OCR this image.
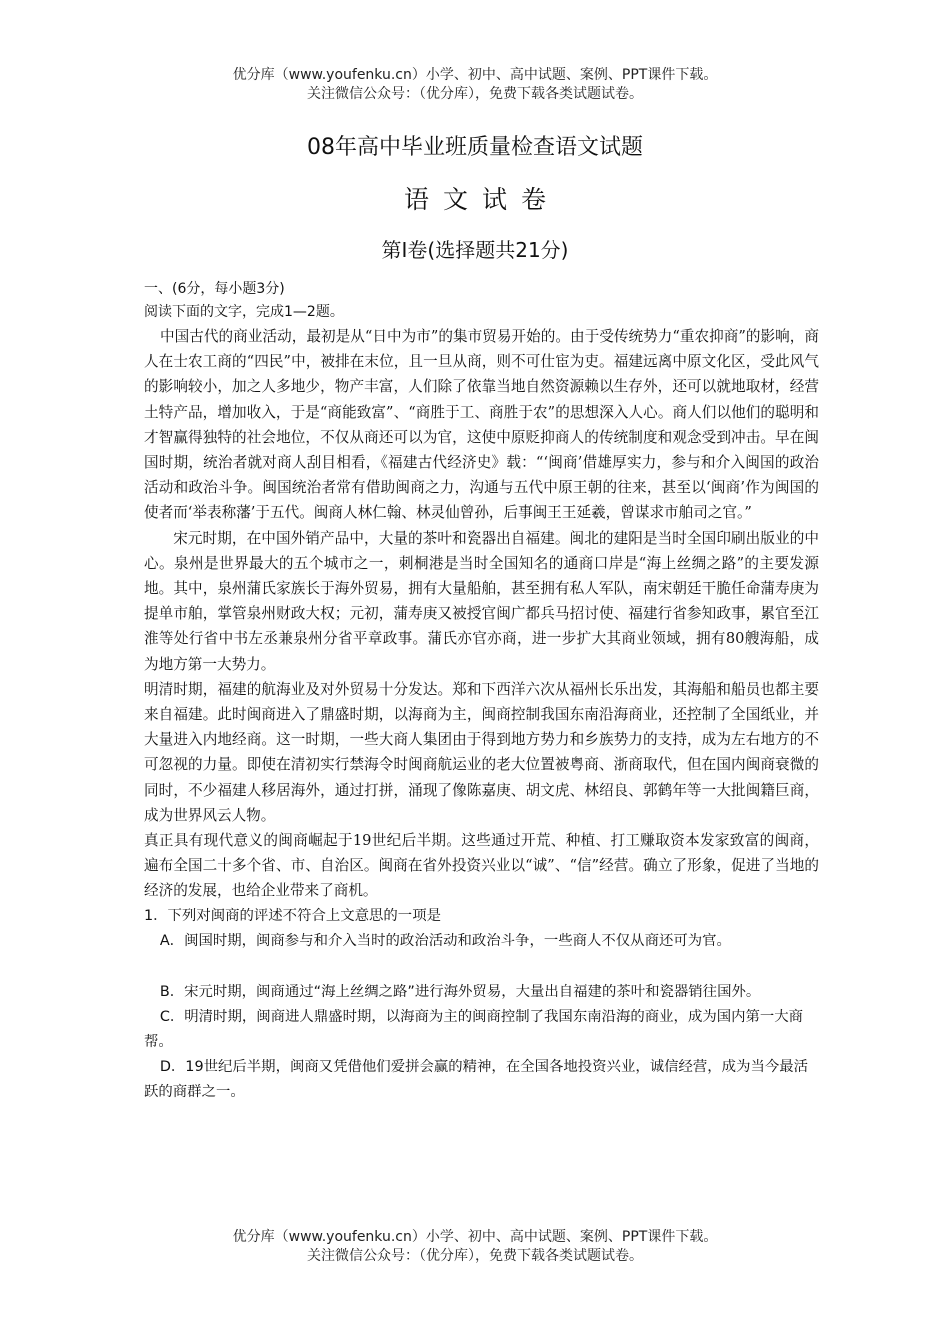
优分库（www.youfenku.cn）小学、初中、高中试题、案例、PPT课件下载。
关注微信公众号：（优分库），免费下载各类试题试卷。
08年高中毕业班质量检查语文试题
语文试卷
第I卷(选择题共21分)

一、(6分，每小题3分)

阅读下面的文字，完成1—2题。

中国古代的商业活动，最初是从“日中为市”的集市贸易开始的。由于受传统势力“重农抑商”的影响，商人在士农工商的“四民”中，被排在末位，且一旦从商，则不可仕宦为吏。福建远离中原文化区，受此风气的影响较小，加之人多地少，物产丰富，人们除了依靠当地自然资源赖以生存外，还可以就地取材，经营土特产品，增加收入，于是“商能致富”、“商胜于工、商胜于农”的思想深入人心。商人们以他们的聪明和才智赢得独特的社会地位，不仅从商还可以为官，这使中原贬抑商人的传统制度和观念受到冲击。早在闽国时期，统治者就对商人刮目相看，《福建古代经济史》载：“‘闽商’借雄厚实力，参与和介入闽国的政治活动和政治斗争。闽国统治者常有借助闽商之力，沟通与五代中原王朝的往来，甚至以‘闽商’作为闽国的使者而‘举表称藩’于五代。闽商人林仁翰、林灵仙曾孙，后事闽王王延羲，曾谋求市舶司之官。”

宋元时期，在中国外销产品中，大量的茶叶和瓷器出自福建。闽北的建阳是当时全国印刷出版业的中心。泉州是世界最大的五个城市之一，刺桐港是当时全国知名的通商口岸是“海上丝绸之路”的主要发源地。其中，泉州蒲氏家族长于海外贸易，拥有大量船舶，甚至拥有私人军队，南宋朝廷干脆任命蒲寿庚为提单市舶，掌管泉州财政大权；元初，蒲寿庚又被授官闽广都兵马招讨使、福建行省参知政事，累官至江淮等处行省中书左丞兼泉州分省平章政事。蒲氏亦官亦商，进一步扩大其商业领域，拥有80艘海船，成为地方第一大势力。

明清时期，福建的航海业及对外贸易十分发达。郑和下西洋六次从福州长乐出发，其海船和船员也都主要来自福建。此时闽商进入了鼎盛时期，以海商为主，闽商控制我国东南沿海商业，还控制了全国纸业，并大量进入内地经商。这一时期，一些大商人集团由于得到地方势力和乡族势力的支持，成为左右地方的不可忽视的力量。即使在清初实行禁海令时闽商航运业的老大位置被粤商、浙商取代，但在国内闽商衰微的同时，不少福建人移居海外，通过打拼，涌现了像陈嘉庚、胡文虎、林绍良、郭鹤年等一大批闽籍巨商，成为世界风云人物。

真正具有现代意义的闽商崛起于19世纪后半期。这些通过开荒、种植、打工赚取资本发家致富的闽商，遍布全国二十多个省、市、自治区。闽商在省外投资兴业以“诚”、“信”经营。确立了形象，促进了当地的经济的发展，也给企业带来了商机。

1．下列对闽商的评述不符合上文意思的一项是

A．闽国时期，闽商参与和介入当时的政治活动和政治斗争，一些商人不仅从商还可为官。

B．宋元时期，闽商通过“海上丝绸之路”进行海外贸易，大量出自福建的茶叶和瓷器销往国外。

C．明清时期，闽商进人鼎盛时期，以海商为主的闽商控制了我国东南沿海的商业，成为国内第一大商帮。

D．19世纪后半期，闽商又凭借他们爱拼会赢的精神，在全国各地投资兴业，诚信经营，成为当今最活跃的商群之一。

优分库（www.youfenku.cn）小学、初中、高中试题、案例、PPT课件下载。
关注微信公众号：（优分库），免费下载各类试题试卷。
